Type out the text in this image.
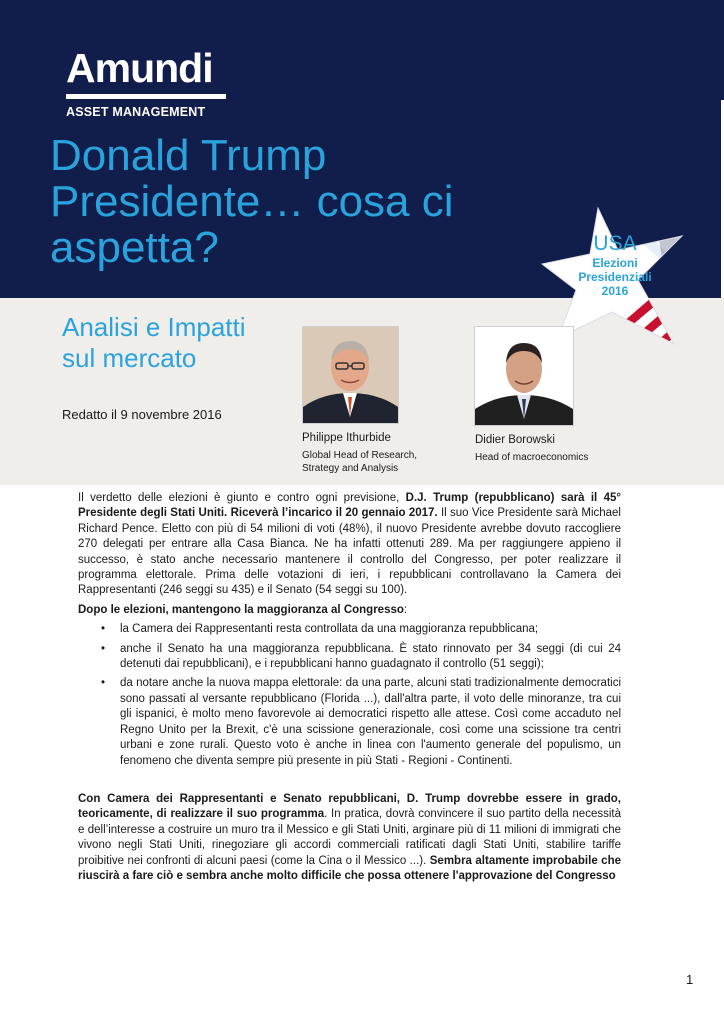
Amundi
ASSET MANAGEMENT
Donald Trump
Presidente… cosa ci
aspetta?	USA
Elezioni
Presidenziali
2016
Analisi e Impatti
sul mercato
Redatto il 9 novembre 2016
Philippe Ithurbide
Global Head of Research, Strategy and Analysis
Didier Borowski
Head of macroeconomics

Il verdetto delle elezioni è giunto e contro ogni previsione, D.J. Trump (repubblicano) sarà il 45° Presidente degli Stati Uniti. Riceverà l’incarico il 20 gennaio 2017. Il suo Vice Presidente sarà Michael Richard Pence. Eletto con più di 54 milioni di voti (48%), il nuovo Presidente avrebbe dovuto raccogliere 270 delegati per entrare alla Casa Bianca. Ne ha infatti ottenuti 289. Ma per raggiungere appieno il successo, è stato anche necessario mantenere il controllo del Congresso, per poter realizzare il programma elettorale. Prima delle votazioni di ieri, i repubblicani controllavano la Camera dei Rappresentanti (246 seggi su 435) e il Senato (54 seggi su 100).

Dopo le elezioni, mantengono la maggioranza al Congresso:

• la Camera dei Rappresentanti resta controllata da una maggioranza repubblicana;
• anche il Senato ha una maggioranza repubblicana. È stato rinnovato per 34 seggi (di cui 24 detenuti dai repubblicani), e i repubblicani hanno guadagnato il controllo (51 seggi);
• da notare anche la nuova mappa elettorale: da una parte, alcuni stati tradizionalmente democratici sono passati al versante repubblicano (Florida ...), dall'altra parte, il voto delle minoranze, tra cui gli ispanici, è molto meno favorevole ai democratici rispetto alle attese. Così come accaduto nel Regno Unito per la Brexit, c'è una scissione generazionale, così come una scissione tra centri urbani e zone rurali. Questo voto è anche in linea con l'aumento generale del populismo, un fenomeno che diventa sempre più presente in più Stati - Regioni - Continenti.

Con Camera dei Rappresentanti e Senato repubblicani, D. Trump dovrebbe essere in grado, teoricamente, di realizzare il suo programma. In pratica, dovrà convincere il suo partito della necessità e dell’interesse a costruire un muro tra il Messico e gli Stati Uniti, arginare più di 11 milioni di immigrati che vivono negli Stati Uniti, rinegoziare gli accordi commerciali ratificati dagli Stati Uniti, stabilire tariffe proibitive nei confronti di alcuni paesi (come la Cina o il Messico ...). Sembra altamente improbabile che riuscirà a fare ciò e sembra anche molto difficile che possa ottenere l'approvazione del Congresso

1
